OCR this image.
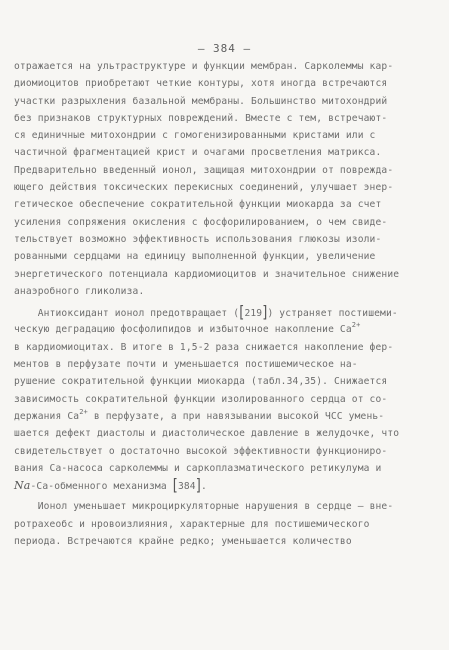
– 384 –
отражается на ультраструктуре и функции мембран. Сарколеммы кар-
диомиоцитов приобретают четкие контуры, хотя иногда встречаются
участки разрыхления базальной мембраны. Большинство митохондрий
без признаков структурных повреждений. Вместе с тем, встречают-
ся единичные митохондрии с гомогенизированными кристами или с
частичной фрагментацией крист и очагами просветления матрикса.
Предварительно введенный ионол, защищая митохондрии от поврежда-
ющего действия токсических перекисных соединений, улучшает энер-
гетическое обеспечение сократительной функции миокарда за счет
усиления сопряжения окисления с фосфорилированием, о чем свиде-
тельствует возможно эффективность использования глюкозы изоли-
рованными сердцами на единицу выполненной функции, увеличение
энергетического потенциала кардиомиоцитов и значительное снижение
анаэробного гликолиза.
Антиоксидант ионол предотвращает ([219]) устраняет постишеми-
ческую деградацию фосфолипидов и избыточное накопление $Ca^{2+}$
в кардиомиоцитах. В итоге в 1,5-2 раза снижается накопление фер-
ментов в перфузате почти и уменьшается постишемическое на-
рушение сократительной функции миокарда (табл.34,35). Снижается
зависимость сократительной функции изолированного сердца от со-
держания $Ca^{2+}$ в перфузате, а при навязывании высокой ЧСС умень-
шается дефект диастолы и диастолическое давление в желудочке, что
свидетельствует о достаточно высокой эффективности функциониро-
вания Ca-насоса сарколеммы и саркоплазматического ретикулума и
Na-Ca-обменного механизма [384].
Ионол уменьшает микроциркуляторные нарушения в сердце – вне-
ротрахеобс и нровоизлияния, характерные для постишемического
периода. Встречаются крайне редко; уменьшается количество
